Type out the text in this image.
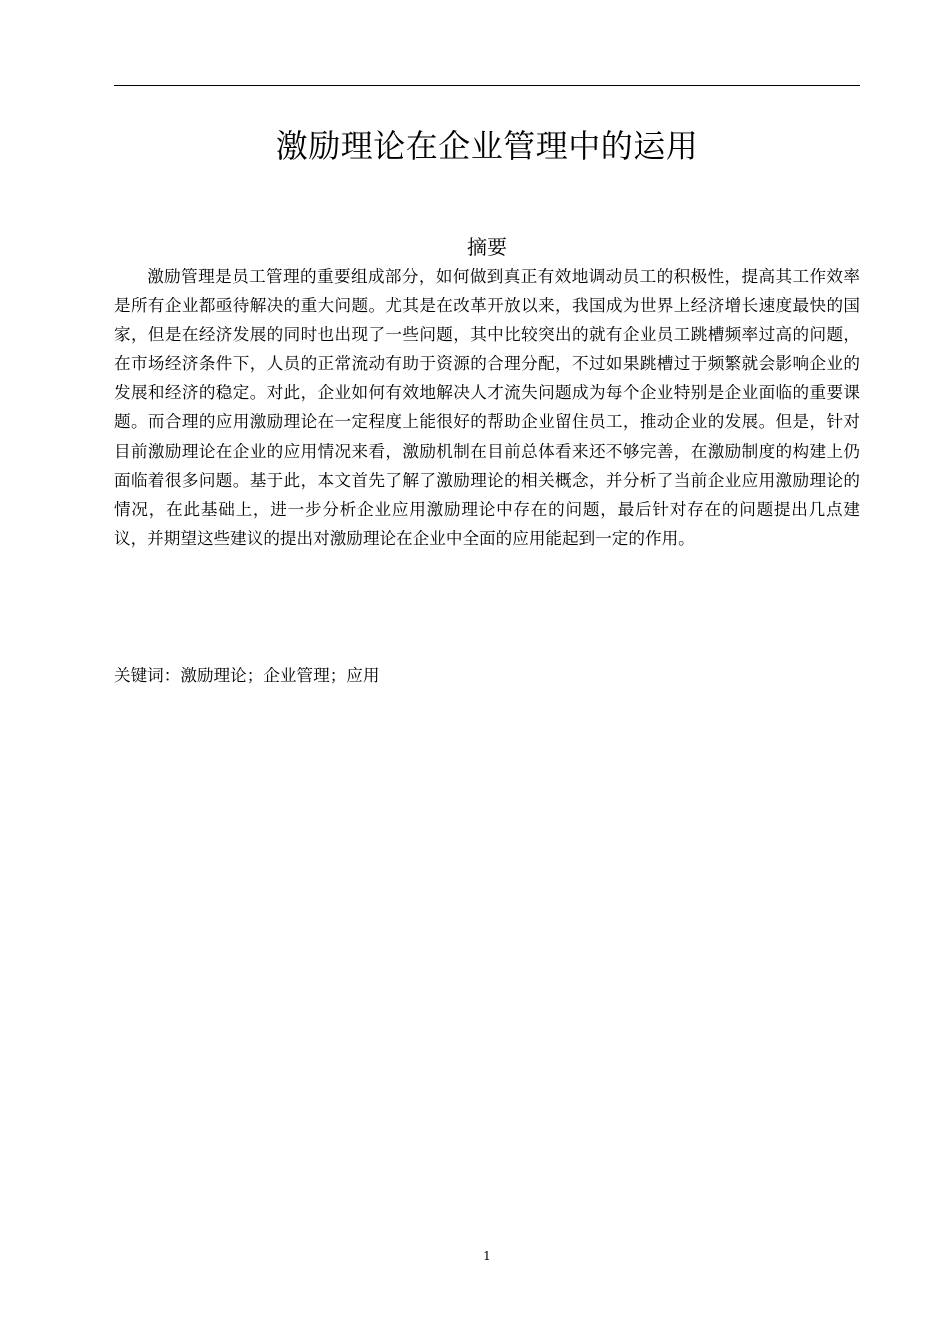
激励理论在企业管理中的运用
摘要

激励管理是员工管理的重要组成部分，如何做到真正有效地调动员工的积极性，提高其工作效率是所有企业都亟待解决的重大问题。尤其是在改革开放以来，我国成为世界上经济增长速度最快的国家，但是在经济发展的同时也出现了一些问题，其中比较突出的就有企业员工跳槽频率过高的问题，在市场经济条件下，人员的正常流动有助于资源的合理分配，不过如果跳槽过于频繁就会影响企业的发展和经济的稳定。对此，企业如何有效地解决人才流失问题成为每个企业特别是企业面临的重要课题。而合理的应用激励理论在一定程度上能很好的帮助企业留住员工，推动企业的发展。但是，针对目前激励理论在企业的应用情况来看，激励机制在目前总体看来还不够完善，在激励制度的构建上仍面临着很多问题。基于此，本文首先了解了激励理论的相关概念，并分析了当前企业应用激励理论的情况，在此基础上，进一步分析企业应用激励理论中存在的问题，最后针对存在的问题提出几点建议，并期望这些建议的提出对激励理论在企业中全面的应用能起到一定的作用。

关键词：激励理论；企业管理；应用
1
